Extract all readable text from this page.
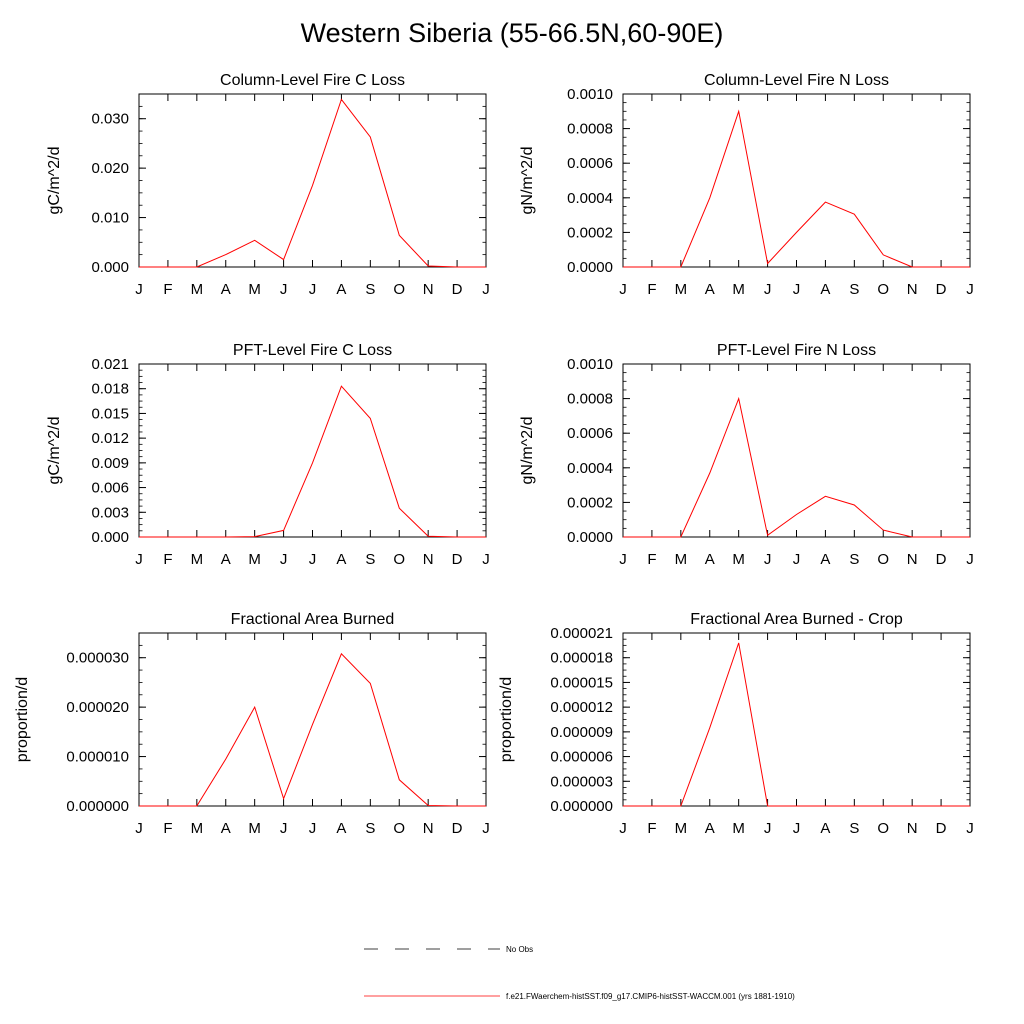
Western Siberia (55-66.5N,60-90E)
Column-Level Fire C Loss
J F M A M J J A S O N D J
0.000
0.010
0.020
0.030
gC/m^2/d
Column-Level Fire N Loss
J F M A M J J A S O N D J
0.0000
0.0002
0.0004
0.0006
0.0008
0.0010
gN/m^2/d
PFT-Level Fire C Loss
J F M A M J J A S O N D J
0.000
0.003
0.006
0.009
0.012
0.015
0.018
0.021
gC/m^2/d
PFT-Level Fire N Loss
J F M A M J J A S O N D J
0.0000
0.0002
0.0004
0.0006
0.0008
0.0010
gN/m^2/d
Fractional Area Burned
J F M A M J J A S O N D J
0.000000
0.000010
0.000020
0.000030
proportion/d
Fractional Area Burned - Crop
J F M A M J J A S O N D J
0.000000
0.000003
0.000006
0.000009
0.000012
0.000015
0.000018
0.000021
proportion/d
No Obs
f.e21.FWaerchem-histSST.f09_g17.CMIP6-histSST-WACCM.001 (yrs 1881-1910)
